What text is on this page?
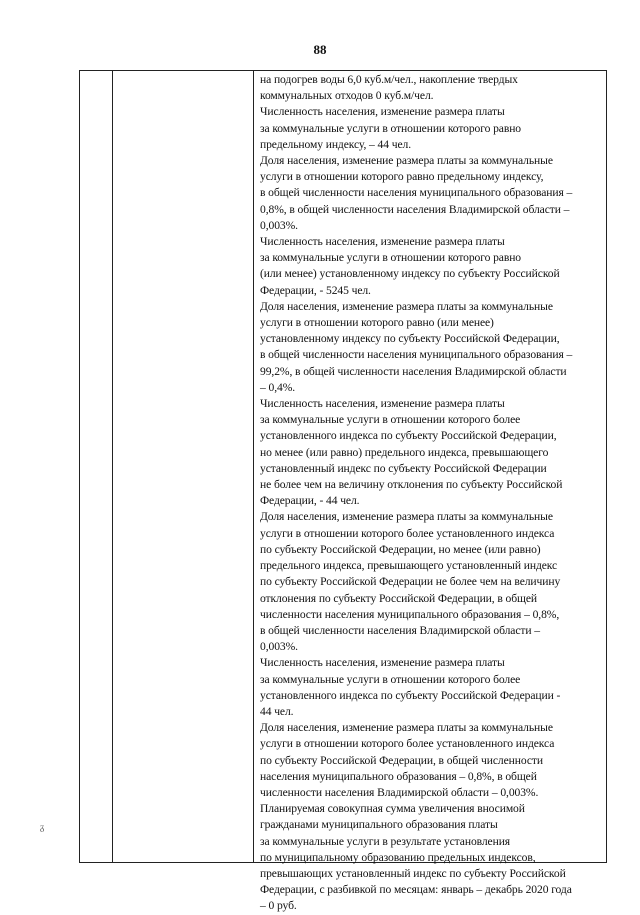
88
на подогрев воды 6,0 куб.м/чел., накопление твердых
коммунальных отходов 0 куб.м/чел.
Численность населения, изменение размера платы
за коммунальные услуги в отношении которого равно
предельному индексу, – 44 чел.
Доля населения, изменение размера платы за коммунальные
услуги в отношении которого равно предельному индексу,
в общей численности населения муниципального образования –
0,8%, в общей численности населения Владимирской области –
0,003%.
Численность населения, изменение размера платы
за коммунальные услуги в отношении которого равно
(или менее) установленному индексу по субъекту Российской
Федерации, - 5245 чел.
Доля населения, изменение размера платы за коммунальные
услуги в отношении которого равно (или менее)
установленному индексу по субъекту Российской Федерации,
в общей численности населения муниципального образования –
99,2%, в общей численности населения Владимирской области
– 0,4%.
Численность населения, изменение размера платы
за коммунальные услуги в отношении которого более
установленного индекса по субъекту Российской Федерации,
но менее (или равно) предельного индекса, превышающего
установленный индекс по субъекту Российской Федерации
не более чем на величину отклонения по субъекту Российской
Федерации, - 44 чел.
Доля населения, изменение размера платы за коммунальные
услуги в отношении которого более установленного индекса
по субъекту Российской Федерации, но менее (или равно)
предельного индекса, превышающего установленный индекс
по субъекту Российской Федерации не более чем на величину
отклонения по субъекту Российской Федерации, в общей
численности населения муниципального образования – 0,8%,
в общей численности населения Владимирской области –
0,003%.
Численность населения, изменение размера платы
за коммунальные услуги в отношении которого более
установленного индекса по субъекту Российской Федерации -
44 чел.
Доля населения, изменение размера платы за коммунальные
услуги в отношении которого более установленного индекса
по субъекту Российской Федерации, в общей численности
населения муниципального образования – 0,8%, в общей
численности населения Владимирской области – 0,003%.
Планируемая совокупная сумма увеличения вносимой
гражданами муниципального образования платы
за коммунальные услуги в результате установления
по муниципальному образованию предельных индексов,
превышающих установленный индекс по субъекту Российской
Федерации, с разбивкой по месяцам: январь – декабрь 2020 года
– 0 руб.
ᵹ
